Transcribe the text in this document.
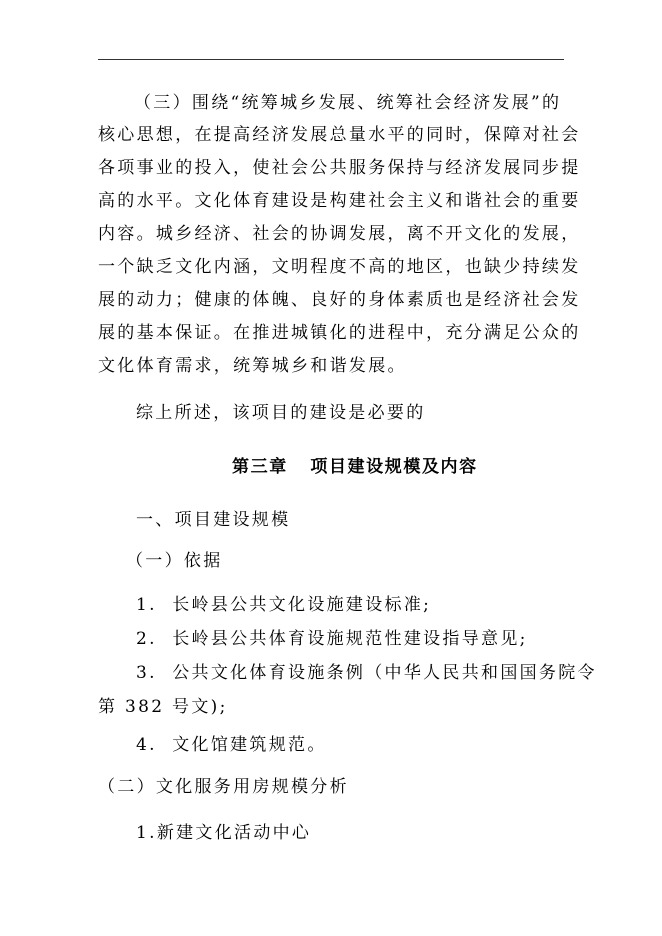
（三）围绕“统筹城乡发展、统筹社会经济发展”的
核心思想，在提高经济发展总量水平的同时，保障对社会
各项事业的投入，使社会公共服务保持与经济发展同步提
高的水平。文化体育建设是构建社会主义和谐社会的重要
内容。城乡经济、社会的协调发展，离不开文化的发展，
一个缺乏文化内涵，文明程度不高的地区，也缺少持续发
展的动力；健康的体魄、良好的身体素质也是经济社会发
展的基本保证。在推进城镇化的进程中，充分满足公众的
文化体育需求，统筹城乡和谐发展。
综上所述，该项目的建设是必要的
第三章   项目建设规模及内容
一、项目建设规模
（一）依据
1.  长岭县公共文化设施建设标准;
2.  长岭县公共体育设施规范性建设指导意见;
3.  公共文化体育设施条例（中华人民共和国国务院令
第 382 号文);
4.  文化馆建筑规范。
（二）文化服务用房规模分析
1.新建文化活动中心
